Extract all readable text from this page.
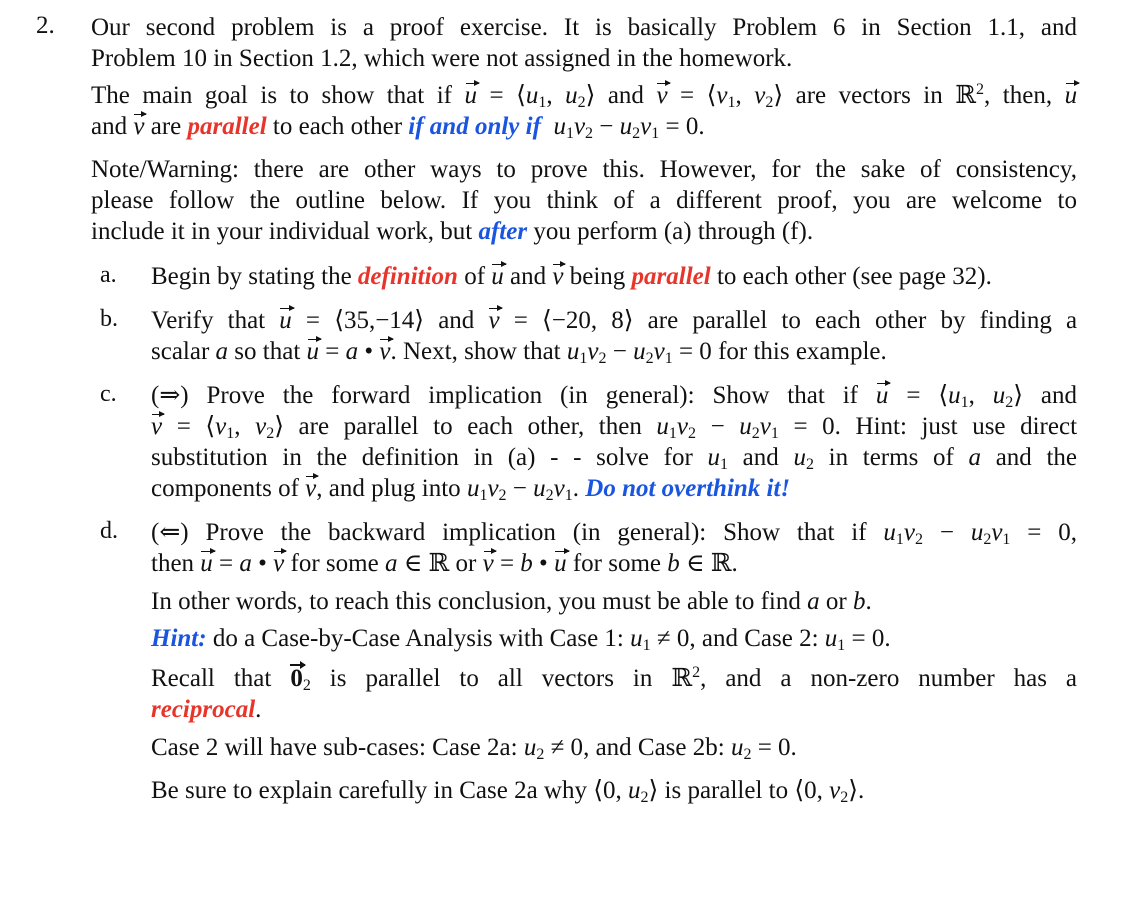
2. Our second problem is a proof exercise. It is basically Problem 6 in Section 1.1, and
Problem 10 in Section 1.2, which were not assigned in the homework.
The main goal is to show that if $u = ⟨u_1$, $u_2⟩$ and $v = ⟨v_1$, $v_2⟩$ are vectors in ℝ$^2$, then, u
and v are parallel to each other if and only if $u_1v_2 - u_2v_1 = 0$.
Note/Warning: there are other ways to prove this. However, for the sake of consistency,
please follow the outline below. If you think of a different proof, you are welcome to
include it in your individual work, but after you perform (a) through (f).
a. Begin by stating the definition of u and v being parallel to each other (see page 32).
b. Verify that u = ⟨35,−14⟩ and v = ⟨−20, 8⟩ are parallel to each other by finding a
scalar a so that u = a • v. Next, show that $u_1v_2 - u_2v_1 = 0$ for this example.
c. (⇒) Prove the forward implication (in general): Show that if $u = ⟨u_1$, $u_2⟩$ and
$v = ⟨v_1$, $v_2⟩$ are parallel to each other, then $u_1v_2 - u_2v_1 = 0$. Hint: just use direct
substitution in the definition in (a) - - solve for $u_1$ and $u_2$ in terms of a and the
components of v, and plug into $u_1v_2 - u_2v_1$. Do not overthink it!
d. (⇐) Prove the backward implication (in general): Show that if $u_1v_2 - u_2v_1 = 0$,
then u = a • v for some a ∈ ℝ or v = b • u for some b ∈ ℝ.
In other words, to reach this conclusion, you must be able to find a or b.
Hint: do a Case-by-Case Analysis with Case 1: $u_1 \ne 0$, and Case 2: $u_1 = 0$.
Recall that $0_2$ is parallel to all vectors in ℝ$^2$, and a non-zero number has a
reciprocal.
Case 2 will have sub-cases: Case 2a: $u_2 \ne 0$, and Case 2b: $u_2 = 0$.
Be sure to explain carefully in Case 2a why ⟨0, $u_2⟩$ is parallel to ⟨0, $v_2⟩$.
